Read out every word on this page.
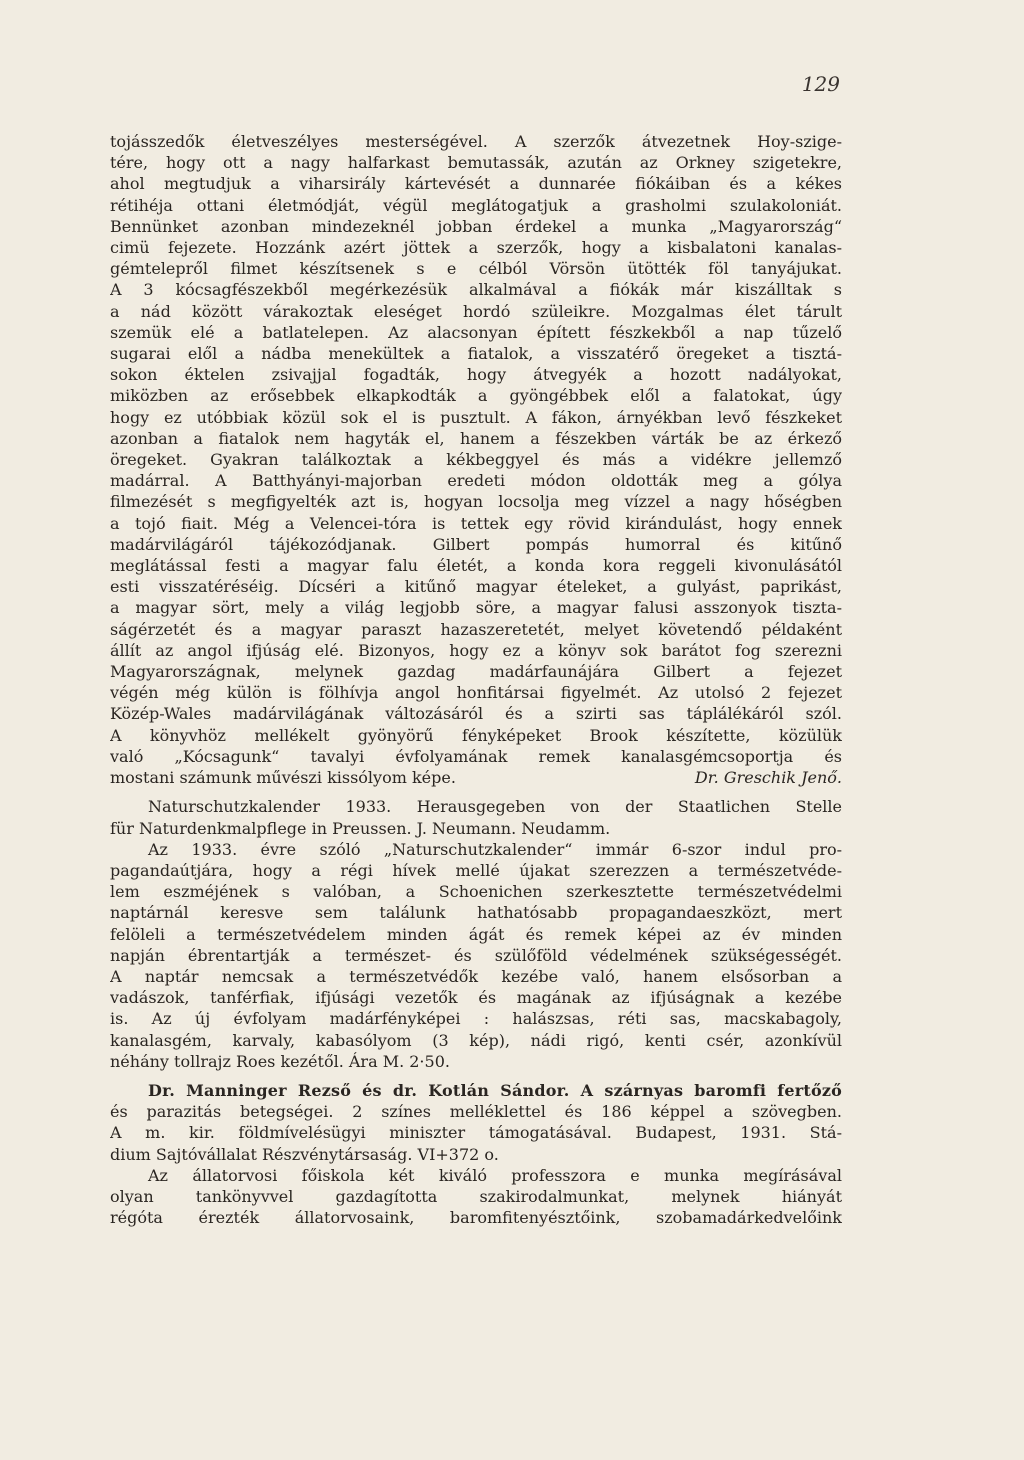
129

tojásszedők életveszélyes mesterségével. A szerzők átvezetnek Hoy-szige-
tére, hogy ott a nagy halfarkast bemutassák, azután az Orkney szigetekre,
ahol megtudjuk a viharsirály kártevését a dunnarée fiókáiban és a kékes
rétihéja ottani életmódját, végül meglátogatjuk a grasholmi szulakoloniát.
Bennünket azonban mindezeknél jobban érdekel a munka „Magyarország“
cimü fejezete. Hozzánk azért jöttek a szerzők, hogy a kisbalatoni kanalas-
gémtelepről filmet készítsenek s e célból Vörsön ütötték föl tanyájukat.
A 3 kócsagfészekből megérkezésük alkalmával a fiókák már kiszálltak s
a nád között várakoztak eleséget hordó szüleikre. Mozgalmas élet tárult
szemük elé a batlatelepen. Az alacsonyan épített fészkekből a nap tűzelő
sugarai elől a nádba menekültek a fiatalok, a visszatérő öregeket a tisztá-
sokon éktelen zsivajjal fogadták, hogy átvegyék a hozott nadályokat,
miközben az erősebbek elkapkodták a gyöngébbek elől a falatokat, úgy
hogy ez utóbbiak közül sok el is pusztult. A fákon, árnyékban levő fészkeket
azonban a fiatalok nem hagyták el, hanem a fészekben várták be az érkező
öregeket. Gyakran találkoztak a kékbeggyel és más a vidékre jellemző
madárral. A Batthyányi-majorban eredeti módon oldották meg a gólya
filmezését s megfigyelték azt is, hogyan locsolja meg vízzel a nagy hőségben
a tojó fiait. Még a Velencei-tóra is tettek egy rövid kirándulást, hogy ennek
madárvilágáról tájékozódjanak. Gilbert pompás humorral és kitűnő
meglátással festi a magyar falu életét, a konda kora reggeli kivonulásától
esti visszatéréséig. Dícséri a kitűnő magyar ételeket, a gulyást, paprikást,
a magyar sört, mely a világ legjobb söre, a magyar falusi asszonyok tiszta-
ságérzetét és a magyar paraszt hazaszeretetét, melyet követendő példaként
állít az angol ifjúság elé. Bizonyos, hogy ez a könyv sok barátot fog szerezni
Magyarországnak, melynek gazdag madárfaunájára Gilbert a fejezet
végén még külön is fölhívja angol honfitársai figyelmét. Az utolsó 2 fejezet
Közép-Wales madárvilágának változásáról és a szirti sas táplálékáról szól.
A könyvhöz mellékelt gyönyörű fényképeket Brook készítette, közülük
való „Kócsagunk“ tavalyi évfolyamának remek kanalasgémcsoportja és
mostani számunk művészi kissólyom képe.	Dr. Greschik Jenő.

Naturschutzkalender 1933. Herausgegeben von der Staatlichen Stelle
für Naturdenkmalpflege in Preussen. J. Neumann. Neudamm.

Az 1933. évre szóló „Naturschutzkalender“ immár 6-szor indul pro-
pagandaútjára, hogy a régi hívek mellé újakat szerezzen a természetvéde-
lem eszméjének s valóban, a Schoenichen szerkesztette természetvédelmi
naptárnál keresve sem találunk hathatósabb propagandaeszközt, mert
felöleli a természetvédelem minden ágát és remek képei az év minden
napján ébrentartják a természet- és szülőföld védelmének szükségességét.
A naptár nemcsak a természetvédők kezébe való, hanem elsősorban a
vadászok, tanférfiak, ifjúsági vezetők és magának az ifjúságnak a kezébe
is. Az új évfolyam madárfényképei : halászsas, réti sas, macskabagoly,
kanalasgém, karvaly, kabasólyom (3 kép), nádi rigó, kenti csér, azonkívül
néhány tollrajz Roes kezétől. Ára M. 2·50.

Dr. Manninger Rezső és dr. Kotlán Sándor. A szárnyas baromfi fertőző
és parazitás betegségei. 2 színes melléklettel és 186 képpel a szövegben.
A m. kir. földmívelésügyi miniszter támogatásával. Budapest, 1931. Stá-
dium Sajtóvállalat Részvénytársaság. VI+372 o.

Az állatorvosi főiskola két kiváló professzora e munka megírásával
olyan tankönyvvel gazdagította szakirodalmunkat, melynek hiányát
régóta érezték állatorvosaink, baromfitenyésztőink, szobamadárkedvelőink
